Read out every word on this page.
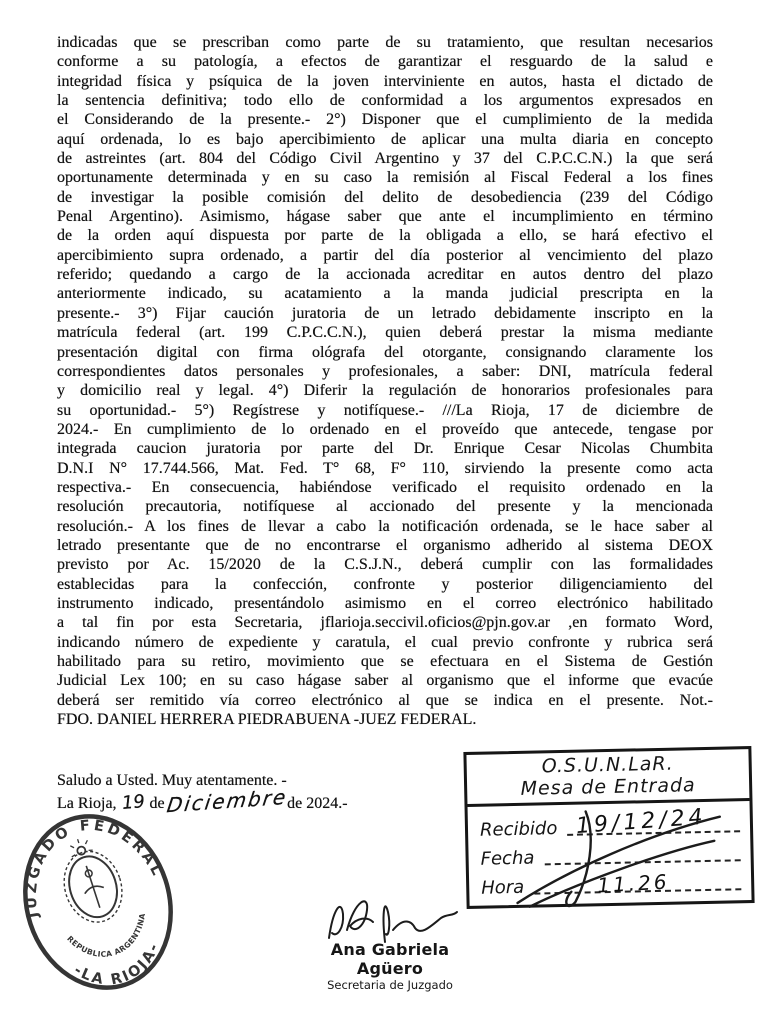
indicadas que se prescriban como parte de su tratamiento, que resultan necesarios
conforme a su patología, a efectos de garantizar el resguardo de la salud e
integridad física y psíquica de la joven interviniente en autos, hasta el dictado de
la sentencia definitiva; todo ello de conformidad a los argumentos expresados en
el Considerando de la presente.- 2°) Disponer que el cumplimiento de la medida
aquí ordenada, lo es bajo apercibimiento de aplicar una multa diaria en concepto
de astreintes (art. 804 del Código Civil Argentino y 37 del C.P.C.C.N.) la que será
oportunamente determinada y en su caso la remisión al Fiscal Federal a los fines
de investigar la posible comisión del delito de desobediencia (239 del Código
Penal Argentino). Asimismo, hágase saber que ante el incumplimiento en término
de la orden aquí dispuesta por parte de la obligada a ello, se hará efectivo el
apercibimiento supra ordenado, a partir del día posterior al vencimiento del plazo
referido; quedando a cargo de la accionada acreditar en autos dentro del plazo
anteriormente indicado, su acatamiento a la manda judicial prescripta en la
presente.- 3°) Fijar caución juratoria de un letrado debidamente inscripto en la
matrícula federal (art. 199 C.P.C.C.N.), quien deberá prestar la misma mediante
presentación digital con firma ológrafa del otorgante, consignando claramente los
correspondientes datos personales y profesionales, a saber: DNI, matrícula federal
y domicilio real y legal. 4°) Diferir la regulación de honorarios profesionales para
su oportunidad.- 5°) Regístrese y notifíquese.- ///La Rioja, 17 de diciembre de
2024.- En cumplimiento de lo ordenado en el proveído que antecede, tengase por
integrada caucion juratoria por parte del Dr. Enrique Cesar Nicolas Chumbita
D.N.I N° 17.744.566, Mat. Fed. T° 68, F° 110, sirviendo la presente como acta
respectiva.- En consecuencia, habiéndose verificado el requisito ordenado en la
resolución precautoria, notifíquese al accionado del presente y la mencionada
resolución.- A los fines de llevar a cabo la notificación ordenada, se le hace saber al
letrado presentante que de no encontrarse el organismo adherido al sistema DEOX
previsto por Ac. 15/2020 de la C.S.J.N., deberá cumplir con las formalidades
establecidas para la confección, confronte y posterior diligenciamiento del
instrumento indicado, presentándolo asimismo en el correo electrónico habilitado
a tal fin por esta Secretaria, jflarioja.seccivil.oficios@pjn.gov.ar ,en formato Word,
indicando número de expediente y caratula, el cual previo confronte y rubrica será
habilitado para su retiro, movimiento que se efectuara en el Sistema de Gestión
Judicial Lex 100; en su caso hágase saber al organismo que el informe que evacúe
deberá ser remitido vía correo electrónico al que se indica en el presente. Not.-
FDO. DANIEL HERRERA PIEDRABUENA -JUEZ FEDERAL.
Saludo a Usted. Muy atentamente. -
La Rioja, 19 de Diciembre de 2024.-
O.S.U.N.LaR.
Mesa de Entrada
Recibido
Fecha
Hora
19/12/24
11.26
JUZGADO FEDERAL
REPUBLICA ARGENTINA
-LA RIOJA-	Ana Gabriela Agüero
Secretaria de Juzgado
